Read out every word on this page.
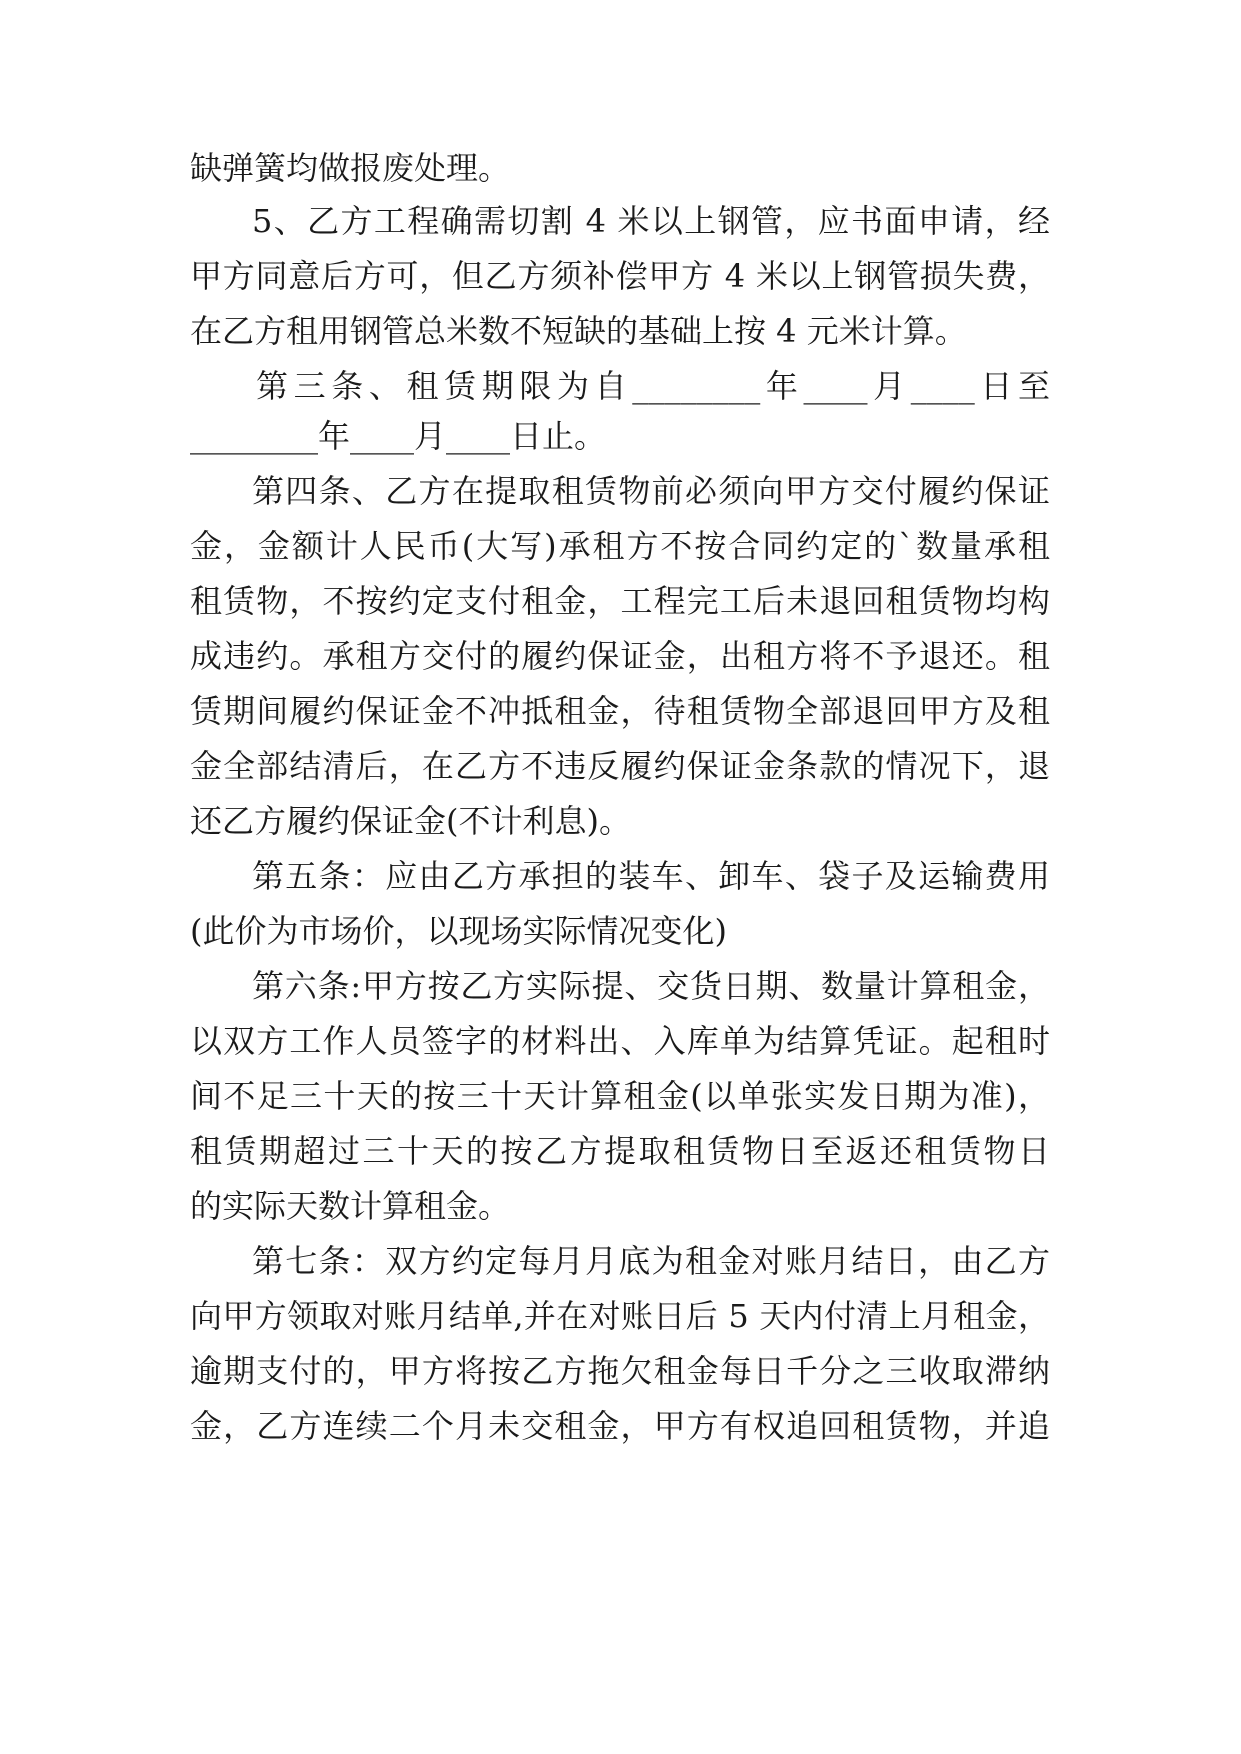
缺弹簧均做报废处理。
5、乙方工程确需切割 4 米以上钢管，应书面申请，经
甲方同意后方可，但乙方须补偿甲方 4 米以上钢管损失费，
在乙方租用钢管总米数不短缺的基础上按 4 元米计算。
第三条、租赁期限为自________年____月____日至
________年____月____日止。
第四条、乙方在提取租赁物前必须向甲方交付履约保证
金，金额计人民币(大写)承租方不按合同约定的`数量承租
租赁物，不按约定支付租金，工程完工后未退回租赁物均构
成违约。承租方交付的履约保证金，出租方将不予退还。租
赁期间履约保证金不冲抵租金，待租赁物全部退回甲方及租
金全部结清后，在乙方不违反履约保证金条款的情况下，退
还乙方履约保证金(不计利息)。
第五条：应由乙方承担的装车、卸车、袋子及运输费用
(此价为市场价，以现场实际情况变化)
第六条:甲方按乙方实际提、交货日期、数量计算租金，
以双方工作人员签字的材料出、入库单为结算凭证。起租时
间不足三十天的按三十天计算租金(以单张实发日期为准)，
租赁期超过三十天的按乙方提取租赁物日至返还租赁物日
的实际天数计算租金。
第七条：双方约定每月月底为租金对账月结日，由乙方
向甲方领取对账月结单,并在对账日后 5 天内付清上月租金，
逾期支付的，甲方将按乙方拖欠租金每日千分之三收取滞纳
金，乙方连续二个月未交租金，甲方有权追回租赁物，并追
